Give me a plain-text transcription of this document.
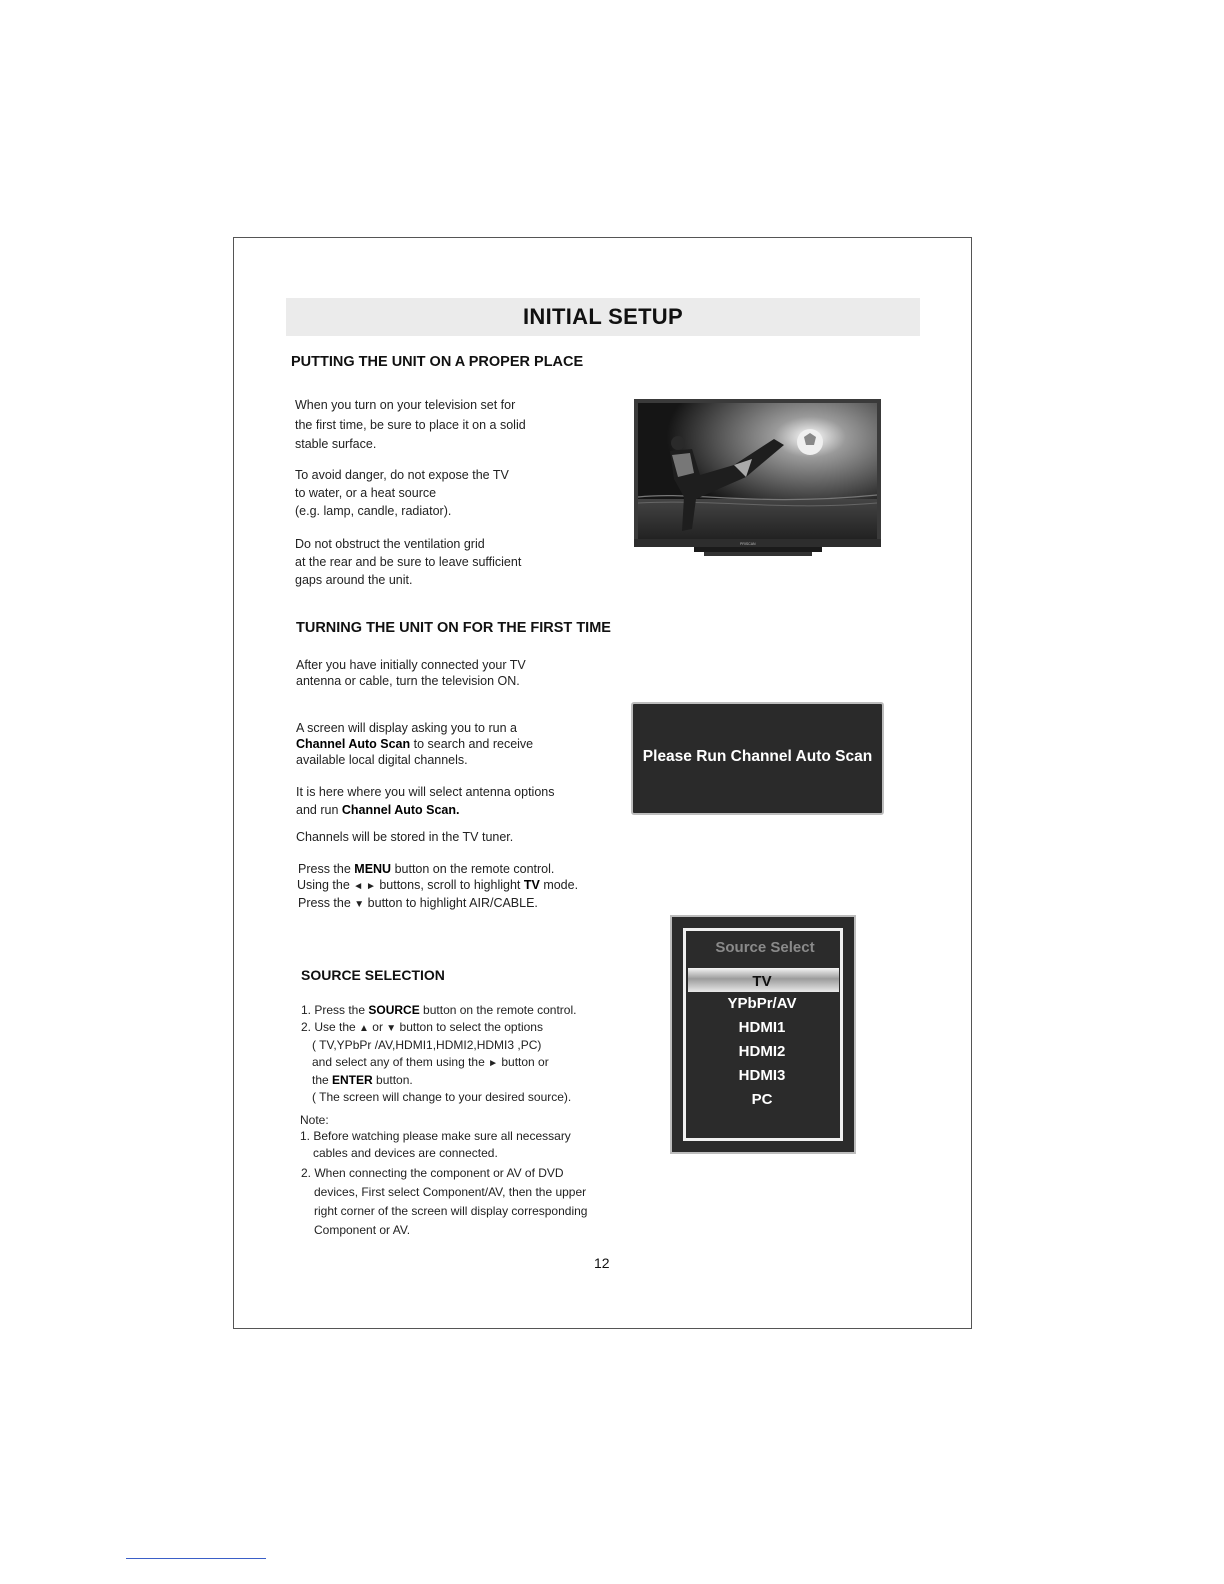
INITIAL SETUP
PUTTING THE UNIT ON A PROPER PLACE
When you turn on your television set for
the first time, be sure to place it on a solid
stable surface.
To avoid danger, do not expose the TV
to water, or a heat source
(e.g. lamp, candle, radiator).
Do not obstruct the ventilation grid
at the rear and be sure to leave sufficient
gaps around the unit.
PRISCAN
TURNING THE UNIT ON FOR THE FIRST TIME
After you have initially connected your TV
antenna or cable, turn the television ON.
A screen will display asking you to run a
Channel Auto Scan to search and receive
available local digital channels.
It is here where you will select antenna options
and run Channel Auto Scan.
Channels will be stored in the TV tuner.
Press the MENU button on the remote control.
Using the ◄ ► buttons, scroll to highlight TV mode.
Press the ▼ button to highlight AIR/CABLE.
Please Run Channel Auto Scan
SOURCE SELECTION
1. Press the SOURCE button on the remote control.
2. Use the ▲ or ▼ button to select the options
( TV,YPbPr /AV,HDMI1,HDMI2,HDMI3 ,PC)
and select any of them using the ► button or
the ENTER button.
( The screen will change to your desired source).
Note:
1. Before watching please make sure all necessary
cables and devices are connected.
2. When connecting the component or AV of DVD
devices, First select Component/AV, then the upper
right corner of the screen will display corresponding
Component or AV.
Source Select
TV
YPbPr/AV
HDMI1
HDMI2
HDMI3
PC
12
